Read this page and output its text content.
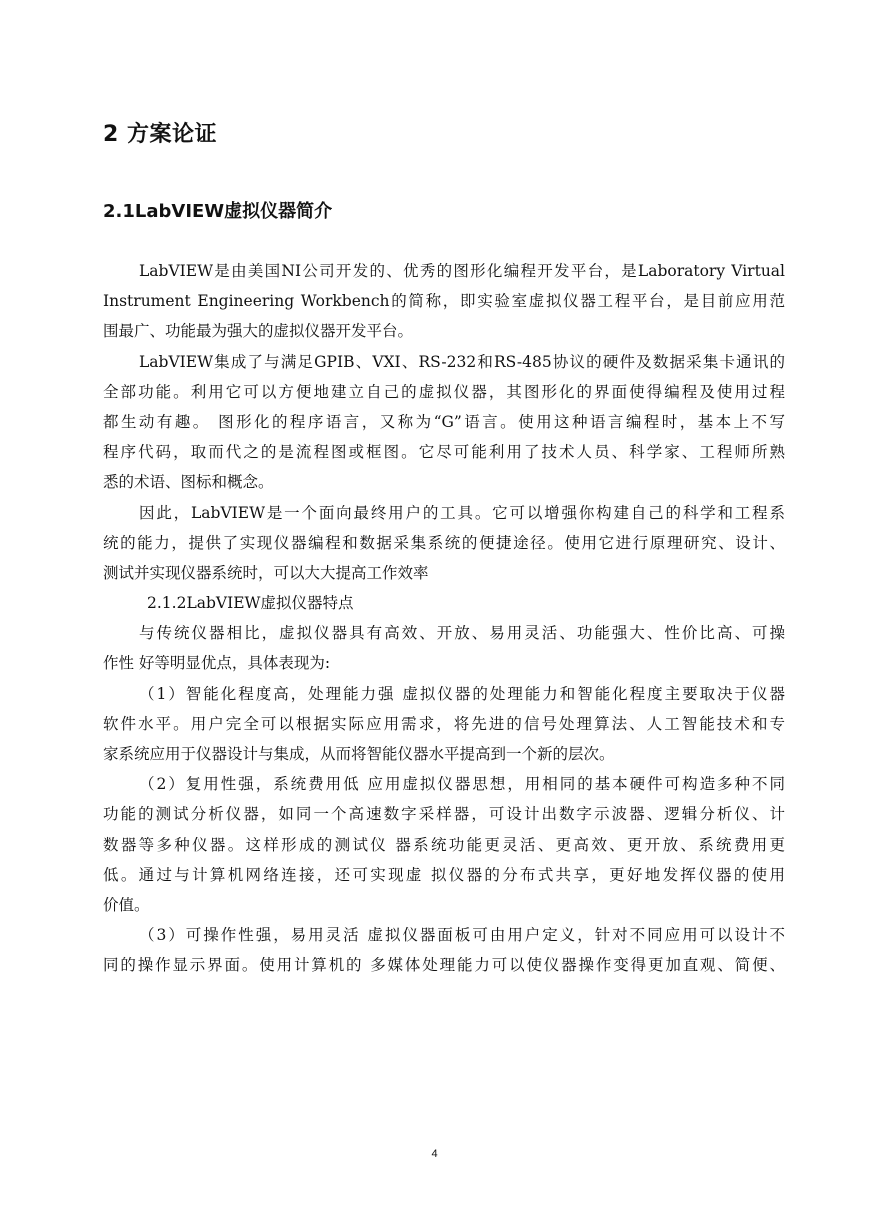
2 方案论证
2.1LabVIEW虚拟仪器简介
LabVIEW是由美国NI公司开发的、优秀的图形化编程开发平台，是Laboratory Virtual
Instrument Engineering Workbench的简称，即实验室虚拟仪器工程平台，是目前应用范
围最广、功能最为强大的虚拟仪器开发平台。
LabVIEW集成了与满足GPIB、VXI、RS-232和RS-485协议的硬件及数据采集卡通讯的
全部功能。利用它可以方便地建立自己的虚拟仪器，其图形化的界面使得编程及使用过程
都生动有趣。 图形化的程序语言，又称为“G”语言。使用这种语言编程时，基本上不写
程序代码，取而代之的是流程图或框图。它尽可能利用了技术人员、科学家、工程师所熟
悉的术语、图标和概念。
因此，LabVIEW是一个面向最终用户的工具。它可以增强你构建自己的科学和工程系
统的能力，提供了实现仪器编程和数据采集系统的便捷途径。使用它进行原理研究、设计、
测试并实现仪器系统时，可以大大提高工作效率
2.1.2LabVIEW虚拟仪器特点
与传统仪器相比，虚拟仪器具有高效、开放、易用灵活、功能强大、性价比高、可操
作性 好等明显优点，具体表现为:
（1）智能化程度高，处理能力强 虚拟仪器的处理能力和智能化程度主要取决于仪器
软件水平。用户完全可以根据实际应用需求，将先进的信号处理算法、人工智能技术和专
家系统应用于仪器设计与集成，从而将智能仪器水平提高到一个新的层次。
（2）复用性强，系统费用低 应用虚拟仪器思想，用相同的基本硬件可构造多种不同
功能的测试分析仪器，如同一个高速数字采样器，可设计出数字示波器、逻辑分析仪、计
数器等多种仪器。这样形成的测试仪 器系统功能更灵活、更高效、更开放、系统费用更
低。通过与计算机网络连接，还可实现虚 拟仪器的分布式共享，更好地发挥仪器的使用
价值。
（3）可操作性强，易用灵活 虚拟仪器面板可由用户定义，针对不同应用可以设计不
同的操作显示界面。使用计算机的 多媒体处理能力可以使仪器操作变得更加直观、简便、
4
